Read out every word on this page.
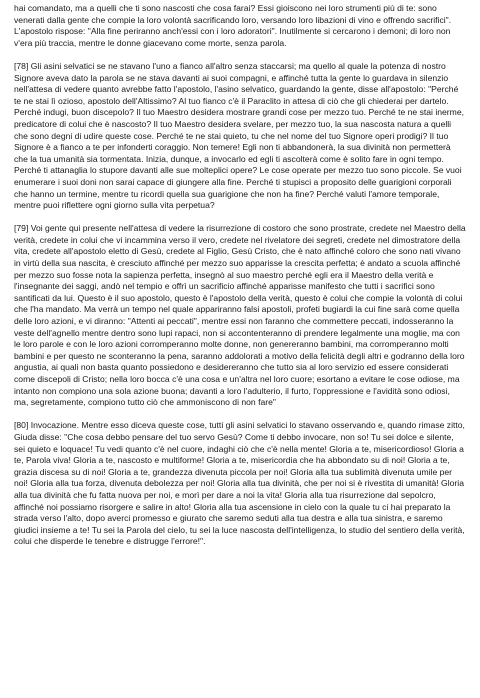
hai comandato, ma a quelli che ti sono nascosti che cosa farai? Essi gioiscono nei loro strumenti più di te: sono venerati dalla gente che compie la loro volontà sacrificando loro, versando loro libazioni di vino e offrendo sacrifici". L'apostolo rispose: "Alla fine periranno anch'essi con i loro adoratori". Inutilmente si cercarono i demoni; di loro non v'era più traccia, mentre le donne giacevano come morte, senza parola.

[78] Gli asini selvatici se ne stavano l'uno a fianco all'altro senza staccarsi; ma quello al quale la potenza di nostro Signore aveva dato la parola se ne stava davanti ai suoi compagni, e affinché tutta la gente lo guardava in silenzio nell'attesa di vedere quanto avrebbe fatto l'apostolo, l'asino selvatico, guardando la gente, disse all'apostolo: "Perché te ne stai lì ozioso, apostolo dell'Altissimo? Al tuo fianco c'è il Paraclito in attesa di ciò che gli chiederai per dartelo. Perché indugi, buon discepolo? Il tuo Maestro desidera mostrare grandi cose per mezzo tuo. Perché te ne stai inerme, predicatore di colui che è nascosto? Il tuo Maestro desidera svelare, per mezzo tuo, la sua nascosta natura a quelli che sono degni di udire queste cose. Perché te ne stai quieto, tu che nel nome del tuo Signore operi prodigi? Il tuo Signore è a fianco a te per infonderti coraggio. Non temere! Egli non ti abbandonerà, la sua divinità non permetterà che la tua umanità sia tormentata. Inizia, dunque, a invocarlo ed egli ti ascolterà come è solito fare in ogni tempo. Perché ti attanaglia lo stupore davanti alle sue molteplici opere? Le cose operate per mezzo tuo sono piccole. Se vuoi enumerare i suoi doni non sarai capace di giungere alla fine. Perché ti stupisci a proposito delle guarigioni corporali che hanno un termine, mentre tu ricordi quella sua guarigione che non ha fine? Perché valuti l'amore temporale, mentre puoi riflettere ogni giorno sulla vita perpetua?

[79] Voi gente qui presente nell'attesa di vedere la risurrezione di costoro che sono prostrate, credete nel Maestro della verità, credete in colui che vi incammina verso il vero, credete nel rivelatore dei segreti, credete nel dimostratore della vita, credete all'apostolo eletto di Gesù, credete al Figlio, Gesù Cristo, che è nato affinché coloro che sono nati vivano in virtù della sua nascita, è cresciuto affinché per mezzo suo apparisse la crescita perfetta; è andato a scuola affinché per mezzo suo fosse nota la sapienza perfetta, insegnò al suo maestro perché egli era il Maestro della verità e l'insegnante dei saggi, andò nel tempio e offrì un sacrificio affinché apparisse manifesto che tutti i sacrifici sono santificati da lui. Questo è il suo apostolo, questo è l'apostolo della verità, questo è colui che compie la volontà di colui che l'ha mandato. Ma verrà un tempo nel quale appariranno falsi apostoli, profeti bugiardi la cui fine sarà come quella delle loro azioni, e vi diranno: "Attenti ai peccati", mentre essi non faranno che commettere peccati, indosseranno la veste dell'agnello mentre dentro sono lupi rapaci, non si accontenteranno di prendere legalmente una moglie, ma con le loro parole e con le loro azioni corromperanno molte donne, non genereranno bambini, ma corromperanno molti bambini e per questo ne sconteranno la pena, saranno addolorati a motivo della felicità degli altri e godranno della loro angustia, ai quali non basta quanto possiedono e desidereranno che tutto sia al loro servizio ed essere considerati come discepoli di Cristo; nella loro bocca c'è una cosa e un'altra nel loro cuore; esortano a evitare le cose odiose, ma intanto non compiono una sola azione buona; davanti a loro l'adulterio, il furto, l'oppressione e l'avidità sono odiosi, ma, segretamente, compiono tutto ciò che ammoniscono di non fare"

[80] Invocazione. Mentre esso diceva queste cose, tutti gli asini selvatici lo stavano osservando e, quando rimase zitto, Giuda disse: "Che cosa debbo pensare del tuo servo Gesù? Come ti debbo invocare, non so! Tu sei dolce e silente, sei quieto e loquace! Tu vedi quanto c'è nel cuore, indaghi ciò che c'è nella mente! Gloria a te, misericordioso! Gloria a te, Parola viva! Gloria a te, nascosto e multiforme! Gloria a te, misericordia che ha abbondato su di noi! Gloria a te, grazia discesa su di noi! Gloria a te, grandezza divenuta piccola per noi! Gloria alla tua sublimità divenuta umile per noi! Gloria alla tua forza, divenuta debolezza per noi! Gloria alla tua divinità, che per noi si è rivestita di umanità! Gloria alla tua divinità che fu fatta nuova per noi, e morì per dare a noi la vita! Gloria alla tua risurrezione dal sepolcro, affinché noi possiamo risorgere e salire in alto! Gloria alla tua ascensione in cielo con la quale tu ci hai preparato la strada verso l'alto, dopo averci promesso e giurato che saremo seduti alla tua destra e alla tua sinistra, e saremo giudici insieme a te! Tu sei la Parola del cielo, tu sei la luce nascosta dell'intelligenza, lo studio del sentiero della verità, colui che disperde le tenebre e distrugge l'errore!".
